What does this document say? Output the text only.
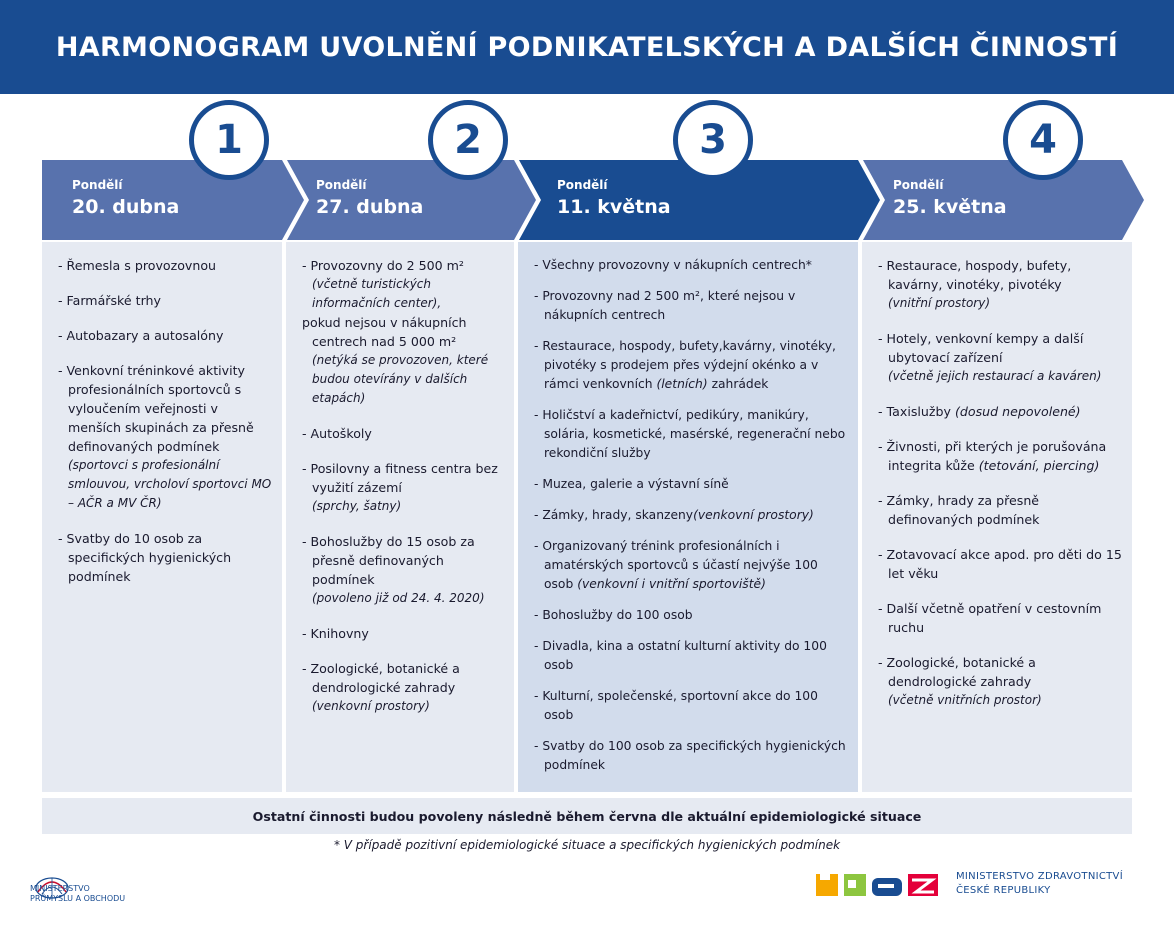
HARMONOGRAM UVOLNĚNÍ PODNIKATELSKÝCH A DALŠÍCH ČINNOSTÍ
1	2	3	4
Pondělí
20. dubna
Pondělí
27. dubna
Pondělí
11. května
Pondělí
25. května
- Řemesla s provozovnou
- Farmářské trhy
- Autobazary a autosalóny
- Venkovní tréninkové aktivity profesionálních sportovců s vyloučením veřejnosti v menších skupinách za přesně definovaných podmínek
(sportovci s profesionální smlouvou, vrcholoví sportovci MO – AČR a MV ČR)
- Svatby do 10 osob za specifických hygienických podmínek
- Provozovny do 2 500 m²
(včetně turistických informačních center),
pokud nejsou v nákupních centrech nad 5 000 m²
(netýká se provozoven, které budou otevírány v dalších etapách)
- Autoškoly
- Posilovny a fitness centra bez využití zázemí
(sprchy, šatny)
- Bohoslužby do 15 osob za přesně definovaných podmínek
(povoleno již od 24. 4. 2020)
- Knihovny
- Zoologické, botanické a dendrologické zahrady
(venkovní prostory)
- Všechny provozovny v nákupních centrech*
- Provozovny nad 2 500 m², které nejsou v nákupních centrech
- Restaurace, hospody, bufety,kavárny, vinotéky, pivotéky s prodejem přes výdejní okénko a v rámci venkovních (letních) zahrádek
- Holičství a kadeřnictví, pedikúry, manikúry, solária, kosmetické, masérské, regenerační nebo rekondiční služby
- Muzea, galerie a výstavní síně
- Zámky, hrady, skanzeny(venkovní prostory)
- Organizovaný trénink profesionálních i amatérských sportovců s účastí nejvýše 100 osob (venkovní i vnitřní sportoviště)
- Bohoslužby do 100 osob
- Divadla, kina a ostatní kulturní aktivity do 100 osob
- Kulturní, společenské, sportovní akce do 100 osob
- Svatby do 100 osob za specifických hygienických podmínek
- Restaurace, hospody, bufety, kavárny, vinotéky, pivotéky
(vnitřní prostory)
- Hotely, venkovní kempy a další ubytovací zařízení
(včetně jejich restaurací a kaváren)
- Taxislužby (dosud nepovolené)
- Živnosti, při kterých je porušována integrita kůže (tetování, piercing)
- Zámky, hrady za přesně definovaných podmínek
- Zotavovací akce apod. pro děti do 15 let věku
- Další včetně opatření v cestovním ruchu
- Zoologické, botanické a dendrologické zahrady
(včetně vnitřních prostor)
Ostatní činnosti budou povoleny následně během června dle aktuální epidemiologické situace
* V případě pozitivní epidemiologické situace a specifických hygienických podmínek
MINISTERSTVO
PRŮMYSLU A OBCHODU
MINISTERSTVO ZDRAVOTNICTVÍ
ČESKÉ REPUBLIKY
